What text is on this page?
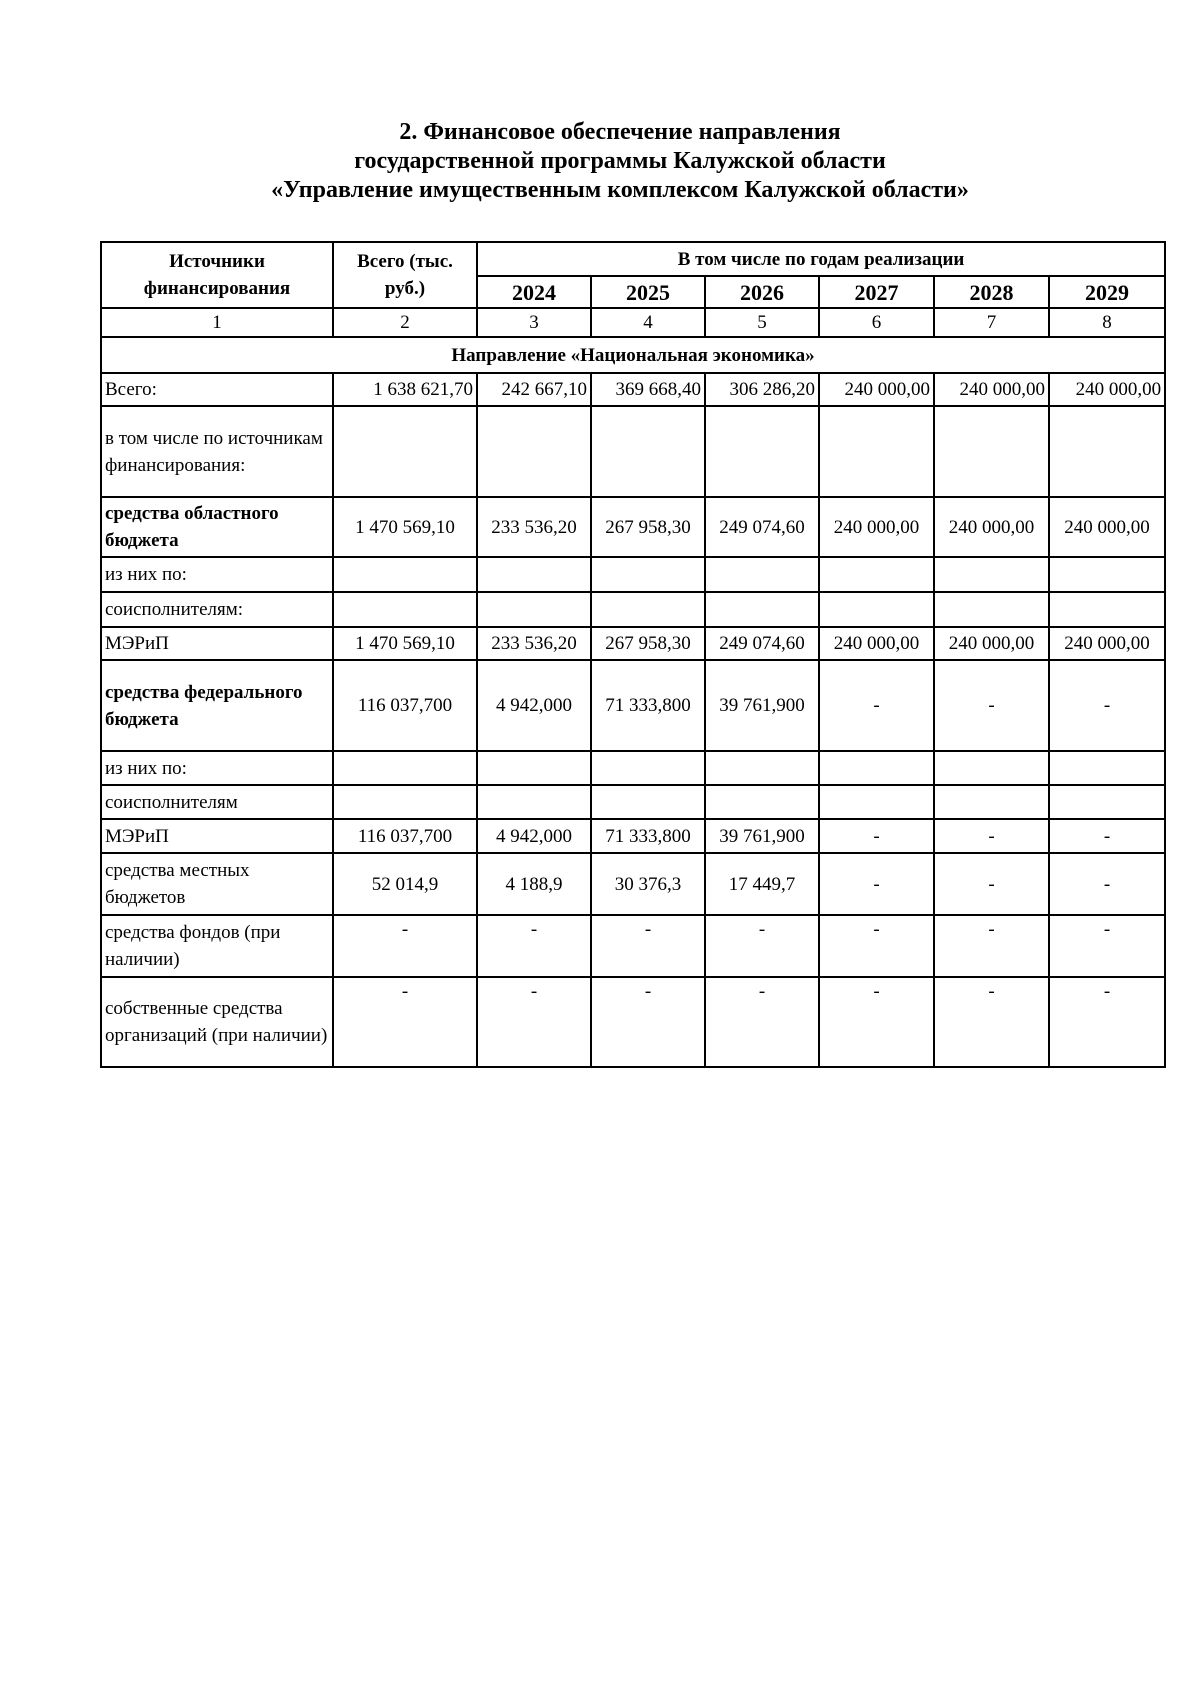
2. Финансовое обеспечение направления
государственной программы Калужской области
«Управление имущественным комплексом Калужской области»
Источники финансирования	Всего (тыс. руб.)	В том числе по годам реализации					
		2024	2025	2026	2027	2028	2029
1	2	3	4	5	6	7	8
Направление «Национальная экономика»							
Всего:	1 638 621,70	242 667,10	369 668,40	306 286,20	240 000,00	240 000,00	240 000,00
в том числе по источникам финансирования:							
средства областного бюджета	1 470 569,10	233 536,20	267 958,30	249 074,60	240 000,00	240 000,00	240 000,00
из них по:							
соисполнителям:							
МЭРиП	1 470 569,10	233 536,20	267 958,30	249 074,60	240 000,00	240 000,00	240 000,00
средства федерального бюджета	116 037,700	4 942,000	71 333,800	39 761,900	-	-	-
из них по:							
соисполнителям							
МЭРиП	116 037,700	4 942,000	71 333,800	39 761,900	-	-	-
средства местных бюджетов	52 014,9	4 188,9	30 376,3	17 449,7	-	-	-
средства фондов (при наличии)	-	-	-	-	-	-	-
собственные средства организаций (при наличии)	-	-	-	-	-	-	-
